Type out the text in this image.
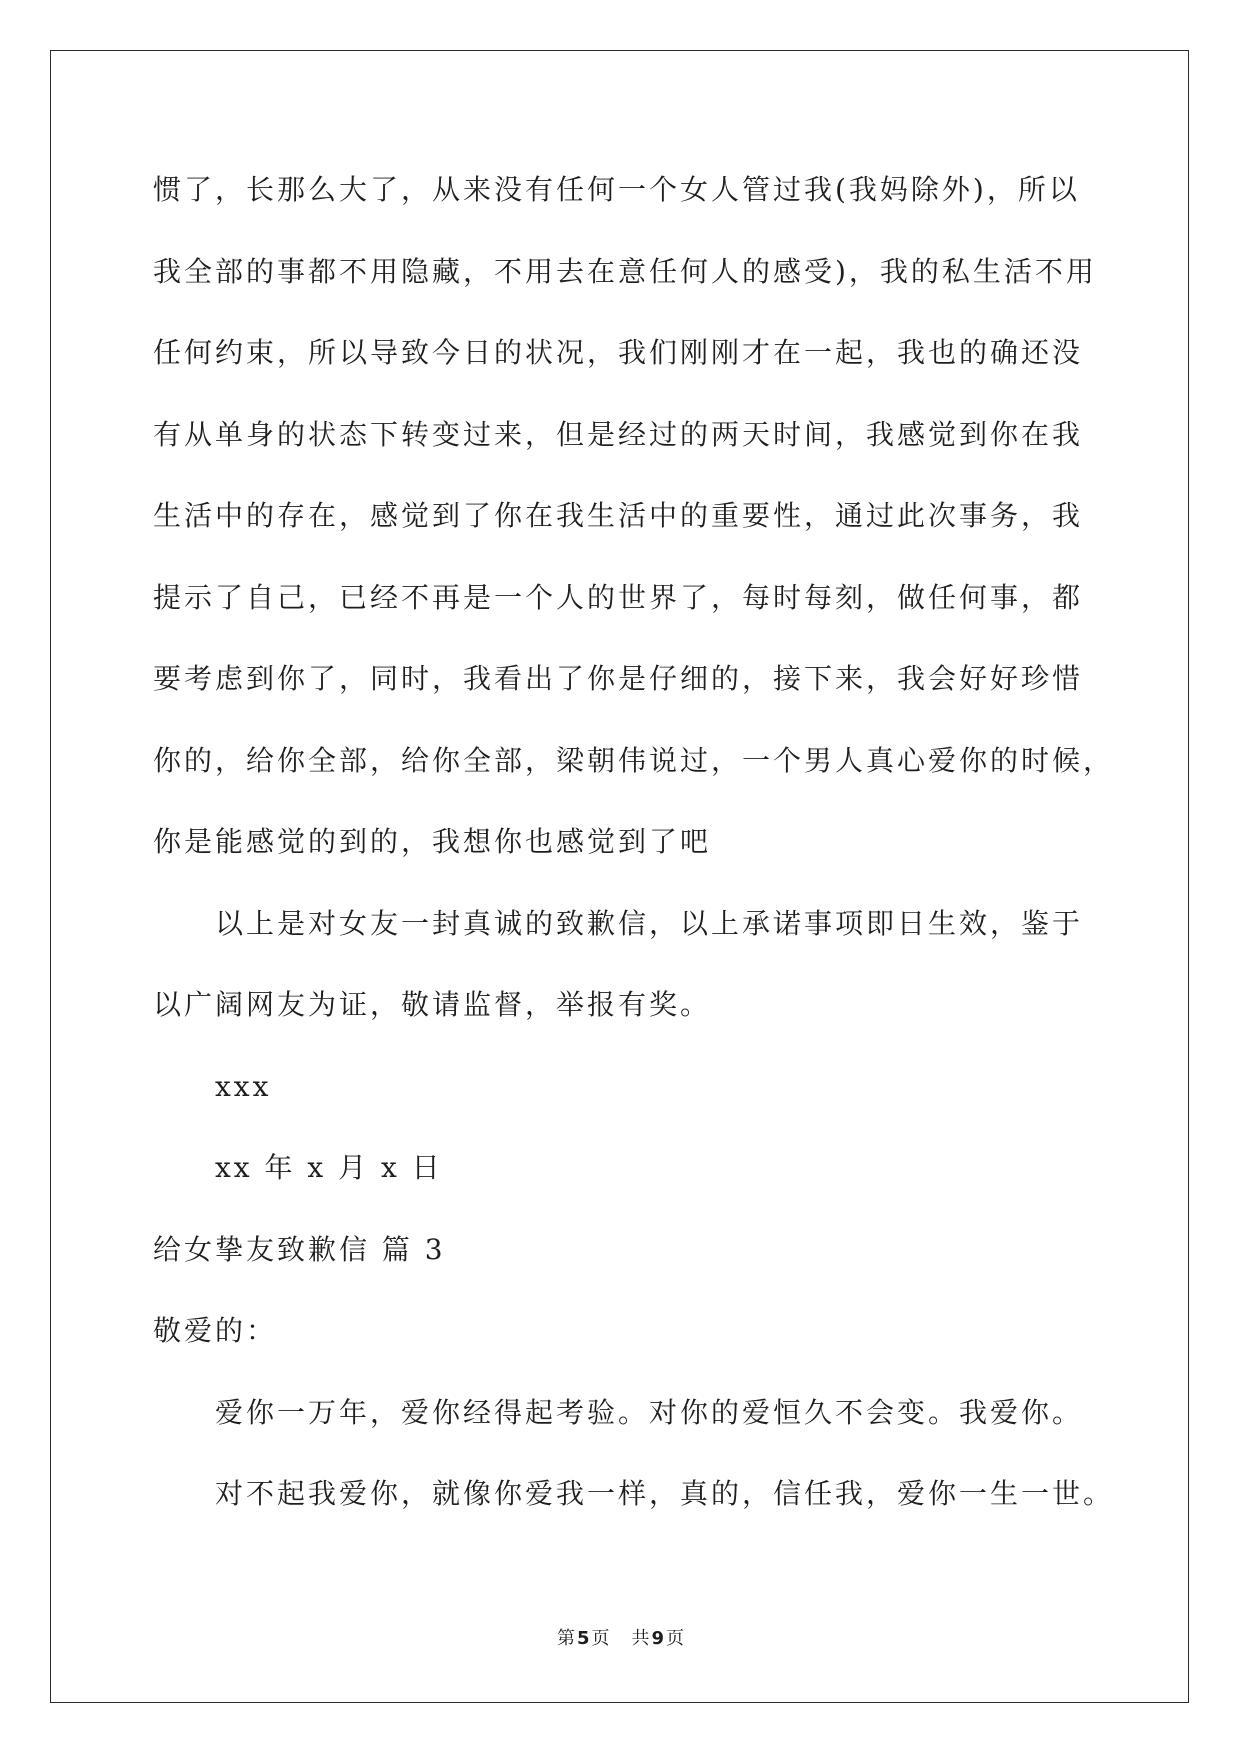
惯了，长那么大了，从来没有任何一个女人管过我(我妈除外)，所以
我全部的事都不用隐藏，不用去在意任何人的感受)，我的私生活不用
任何约束，所以导致今日的状况，我们刚刚才在一起，我也的确还没
有从单身的状态下转变过来，但是经过的两天时间，我感觉到你在我
生活中的存在，感觉到了你在我生活中的重要性，通过此次事务，我
提示了自己，已经不再是一个人的世界了，每时每刻，做任何事，都
要考虑到你了，同时，我看出了你是仔细的，接下来，我会好好珍惜
你的，给你全部，给你全部，梁朝伟说过，一个男人真心爱你的时候，
你是能感觉的到的，我想你也感觉到了吧
以上是对女友一封真诚的致歉信，以上承诺事项即日生效，鉴于
以广阔网友为证，敬请监督，举报有奖。
xxx
xx 年 x 月 x 日
给女挚友致歉信 篇 3
敬爱的：
爱你一万年，爱你经得起考验。对你的爱恒久不会变。我爱你。
对不起我爱你，就像你爱我一样，真的，信任我，爱你一生一世。
第 5 页 共 9 页
